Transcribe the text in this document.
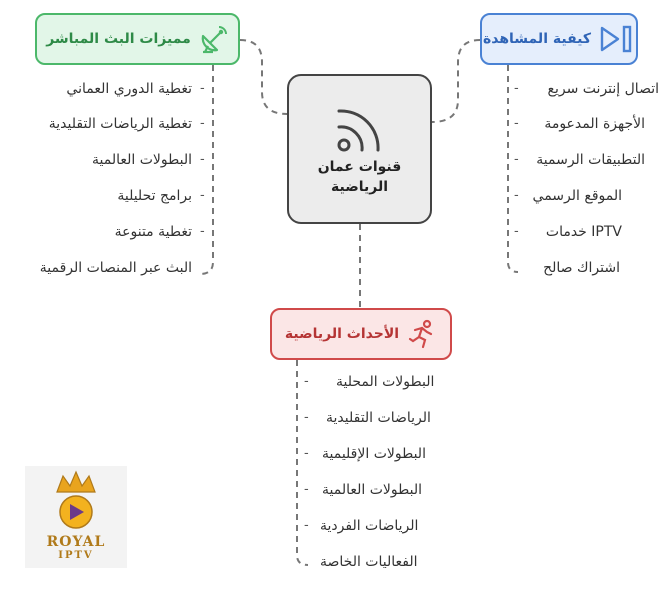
قنوات عمان
الرياضية
مميزات البث المباشر	كيفية المشاهدة
الأحداث الرياضية
تغطية الدوري العماني
تغطية الرياضات التقليدية
البطولات العالمية
برامج تحليلية
تغطية متنوعة
البث عبر المنصات الرقمية
-
-
-
-
-
اتصال إنترنت سريع
الأجهزة المدعومة
التطبيقات الرسمية
الموقع الرسمي
IPTV خدمات
اشتراك صالح
-
-
-
-
-
البطولات المحلية
الرياضات التقليدية
البطولات الإقليمية
البطولات العالمية
الرياضات الفردية
الفعاليات الخاصة
-
-
-
-
-
ROYAL
IPTV
